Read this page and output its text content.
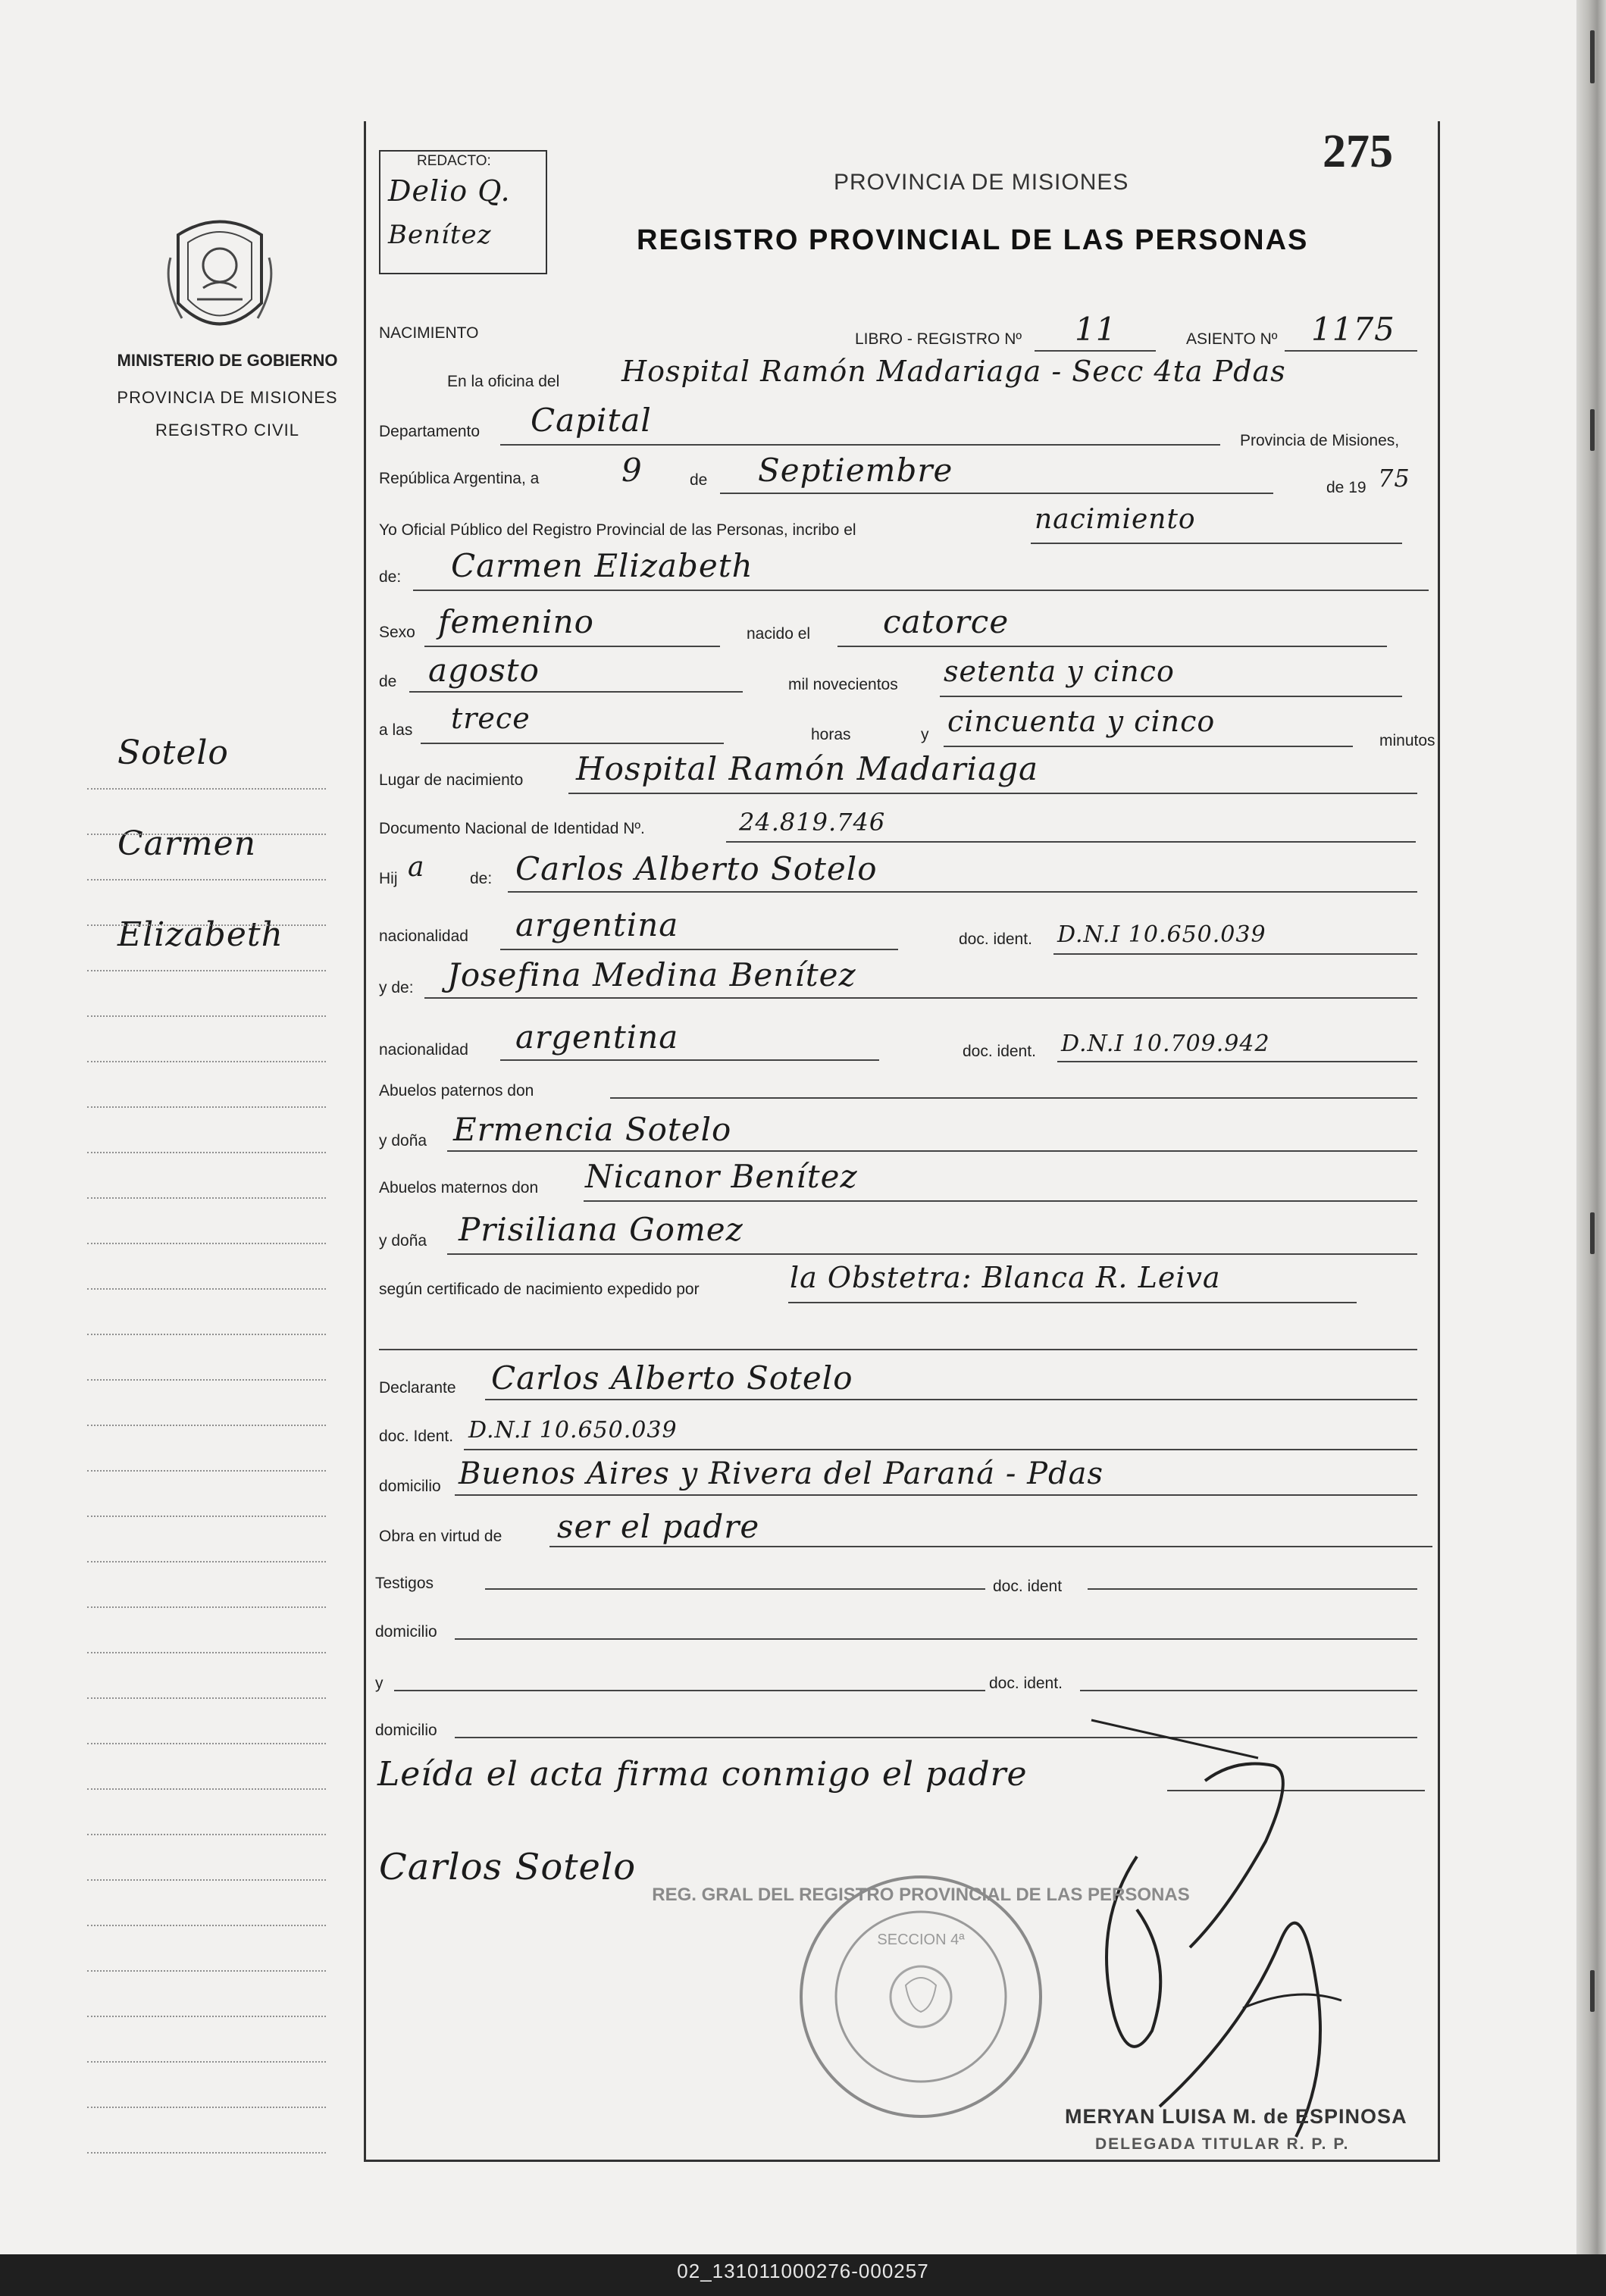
275
REDACTO:
Delio Q.
Benítez
PROVINCIA DE MISIONES
REGISTRO PROVINCIAL DE LAS PERSONAS
MINISTERIO DE GOBIERNO
PROVINCIA DE MISIONES
REGISTRO CIVIL
Sotelo
Carmen
Elizabeth
NACIMIENTO	LIBRO - REGISTRO Nº 11	ASIENTO Nº 1175
En la oficina del Hospital Ramón Madariaga - Secc 4ta Pdas
Departamento Capital
Provincia de Misiones,
República Argentina, a	9	de Septiembre	de 19 75
Yo Oficial Público del Registro Provincial de las Personas, incribo el	nacimiento
de: Carmen Elizabeth
Sexo femenino	nacido el catorce
de agosto	mil novecientos setenta y cinco
a las trece	horas	y cincuenta y cinco
minutos
Lugar de nacimiento Hospital Ramón Madariaga
Documento Nacional de Identidad Nº.	24.819.746
Hij a	de: Carlos Alberto Sotelo
nacionalidad argentina	doc. ident. D.N.I 10.650.039
y de: Josefina Medina Benítez
nacionalidad argentina	doc. ident. D.N.I 10.709.942
Abuelos paternos don
y doña Ermencia Sotelo
Abuelos maternos don Nicanor Benítez
y doña Prisiliana Gomez
según certificado de nacimiento expedido por	la Obstetra: Blanca R. Leiva
Declarante Carlos Alberto Sotelo
doc. Ident. D.N.I 10.650.039
domicilio Buenos Aires y Rivera del Paraná - Pdas
Obra en virtud de ser el padre
Testigos	doc. ident
domicilio
y	doc. ident.
domicilio
Leída el acta firma conmigo el padre
Carlos Sotelo
REG. GRAL DEL REGISTRO PROVINCIAL DE LAS PERSONAS
SECCION 4ª
MERYAN LUISA M. de ESPINOSA
DELEGADA TITULAR R. P. P.
02_131011000276-000257
